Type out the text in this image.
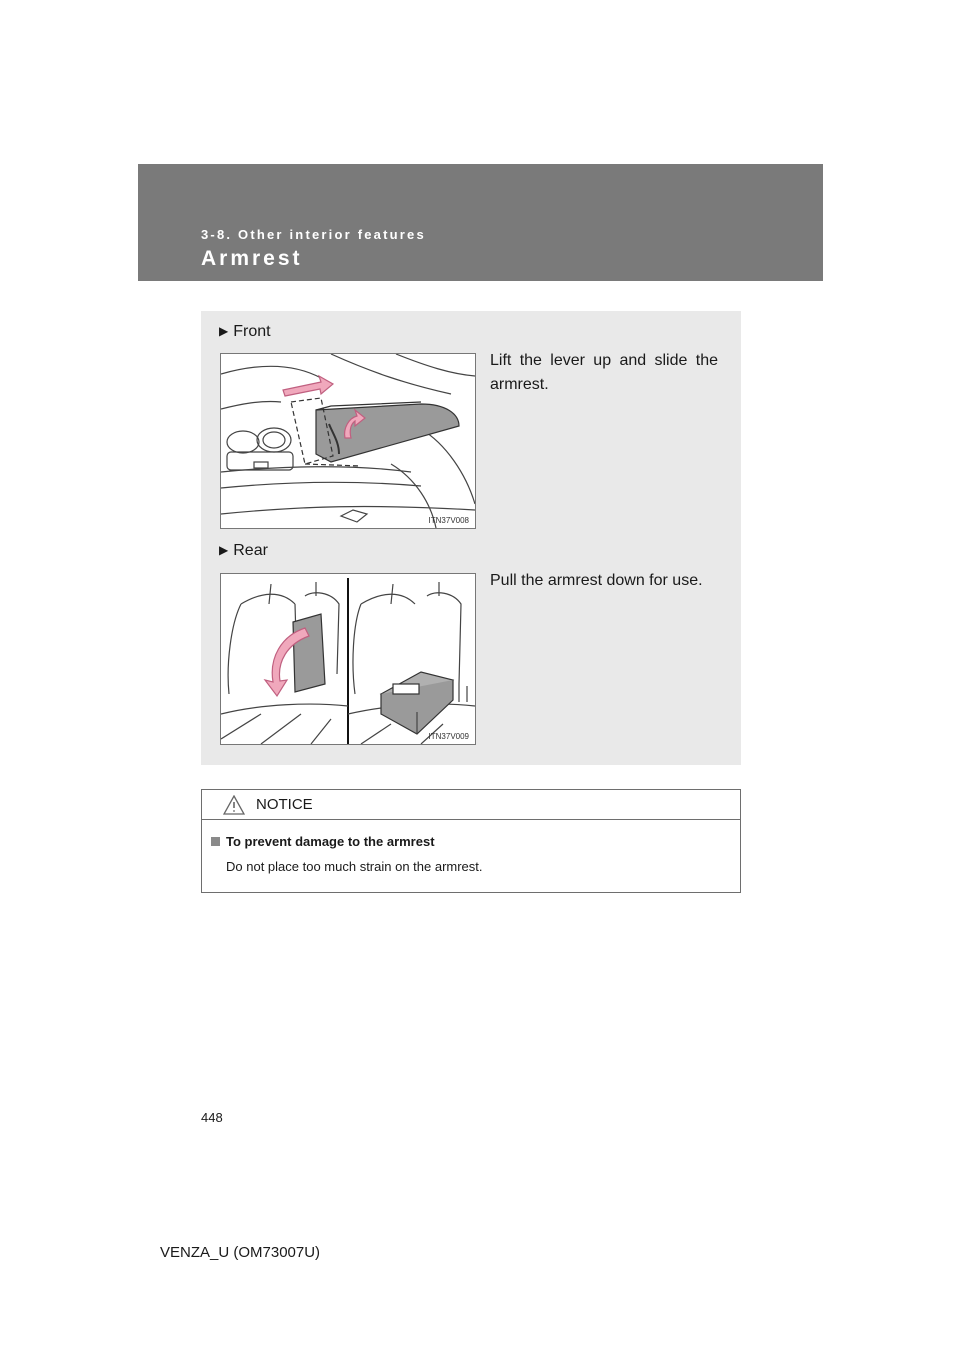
3-8. Other interior features
Armrest
▶ Front
ITN37V008
Lift the lever up and slide the armrest.
▶ Rear
ITN37V009
Pull the armrest down for use.
NOTICE
To prevent damage to the armrest
Do not place too much strain on the armrest.
448
VENZA_U (OM73007U)
